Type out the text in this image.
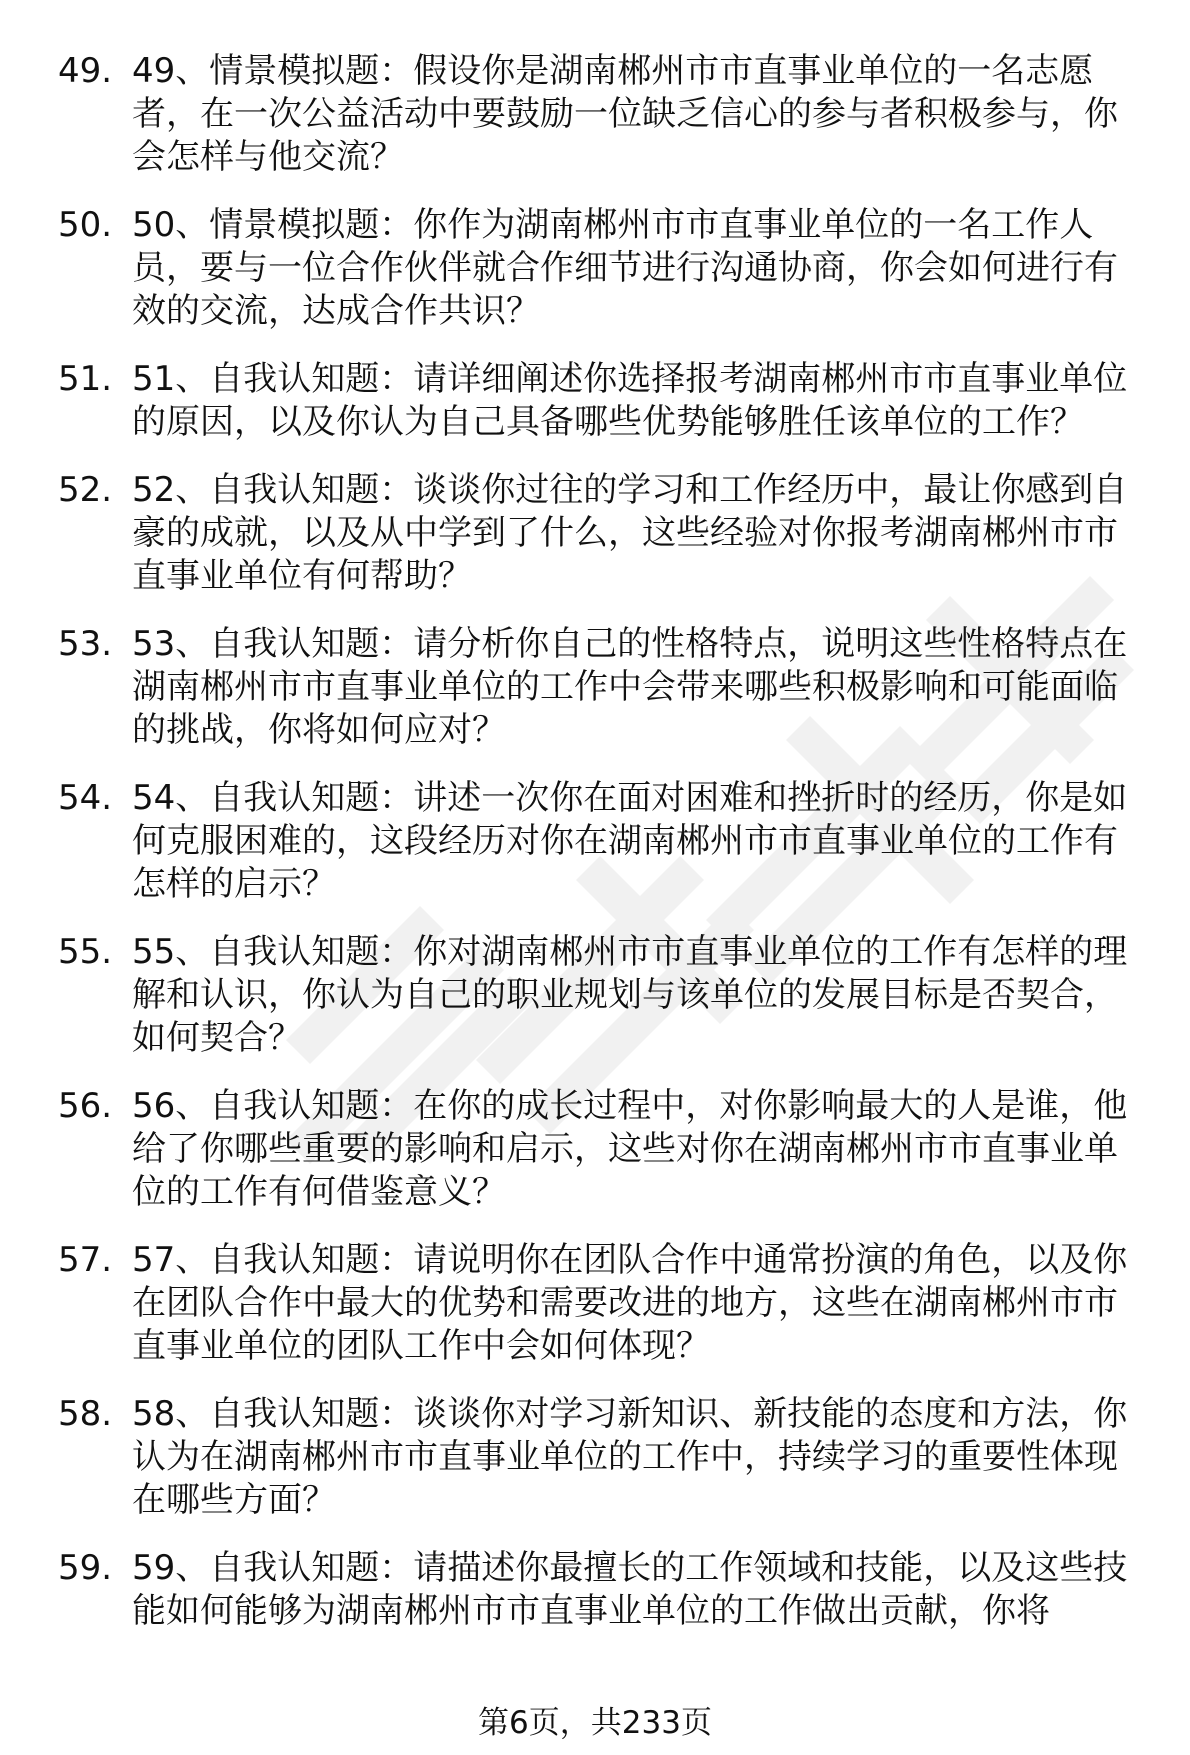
49. 49、情景模拟题：假设你是湖南郴州市市直事业单位的一名志愿者，在一次公益活动中要鼓励一位缺乏信心的参与者积极参与，你会怎样与他交流？
50. 50、情景模拟题：你作为湖南郴州市市直事业单位的一名工作人员，要与一位合作伙伴就合作细节进行沟通协商，你会如何进行有效的交流，达成合作共识？
51. 51、自我认知题：请详细阐述你选择报考湖南郴州市市直事业单位的原因，以及你认为自己具备哪些优势能够胜任该单位的工作？
52. 52、自我认知题：谈谈你过往的学习和工作经历中，最让你感到自豪的成就，以及从中学到了什么，这些经验对你报考湖南郴州市市直事业单位有何帮助？
53. 53、自我认知题：请分析你自己的性格特点，说明这些性格特点在湖南郴州市市直事业单位的工作中会带来哪些积极影响和可能面临的挑战，你将如何应对？
54. 54、自我认知题：讲述一次你在面对困难和挫折时的经历，你是如何克服困难的，这段经历对你在湖南郴州市市直事业单位的工作有怎样的启示？
55. 55、自我认知题：你对湖南郴州市市直事业单位的工作有怎样的理解和认识，你认为自己的职业规划与该单位的发展目标是否契合，如何契合？
56. 56、自我认知题：在你的成长过程中，对你影响最大的人是谁，他给了你哪些重要的影响和启示，这些对你在湖南郴州市市直事业单位的工作有何借鉴意义？
57. 57、自我认知题：请说明你在团队合作中通常扮演的角色，以及你在团队合作中最大的优势和需要改进的地方，这些在湖南郴州市市直事业单位的团队工作中会如何体现？
58. 58、自我认知题：谈谈你对学习新知识、新技能的态度和方法，你认为在湖南郴州市市直事业单位的工作中，持续学习的重要性体现在哪些方面？
59. 59、自我认知题：请描述你最擅长的工作领域和技能，以及这些技能如何能够为湖南郴州市市直事业单位的工作做出贡献，你将
第6页，共233页
